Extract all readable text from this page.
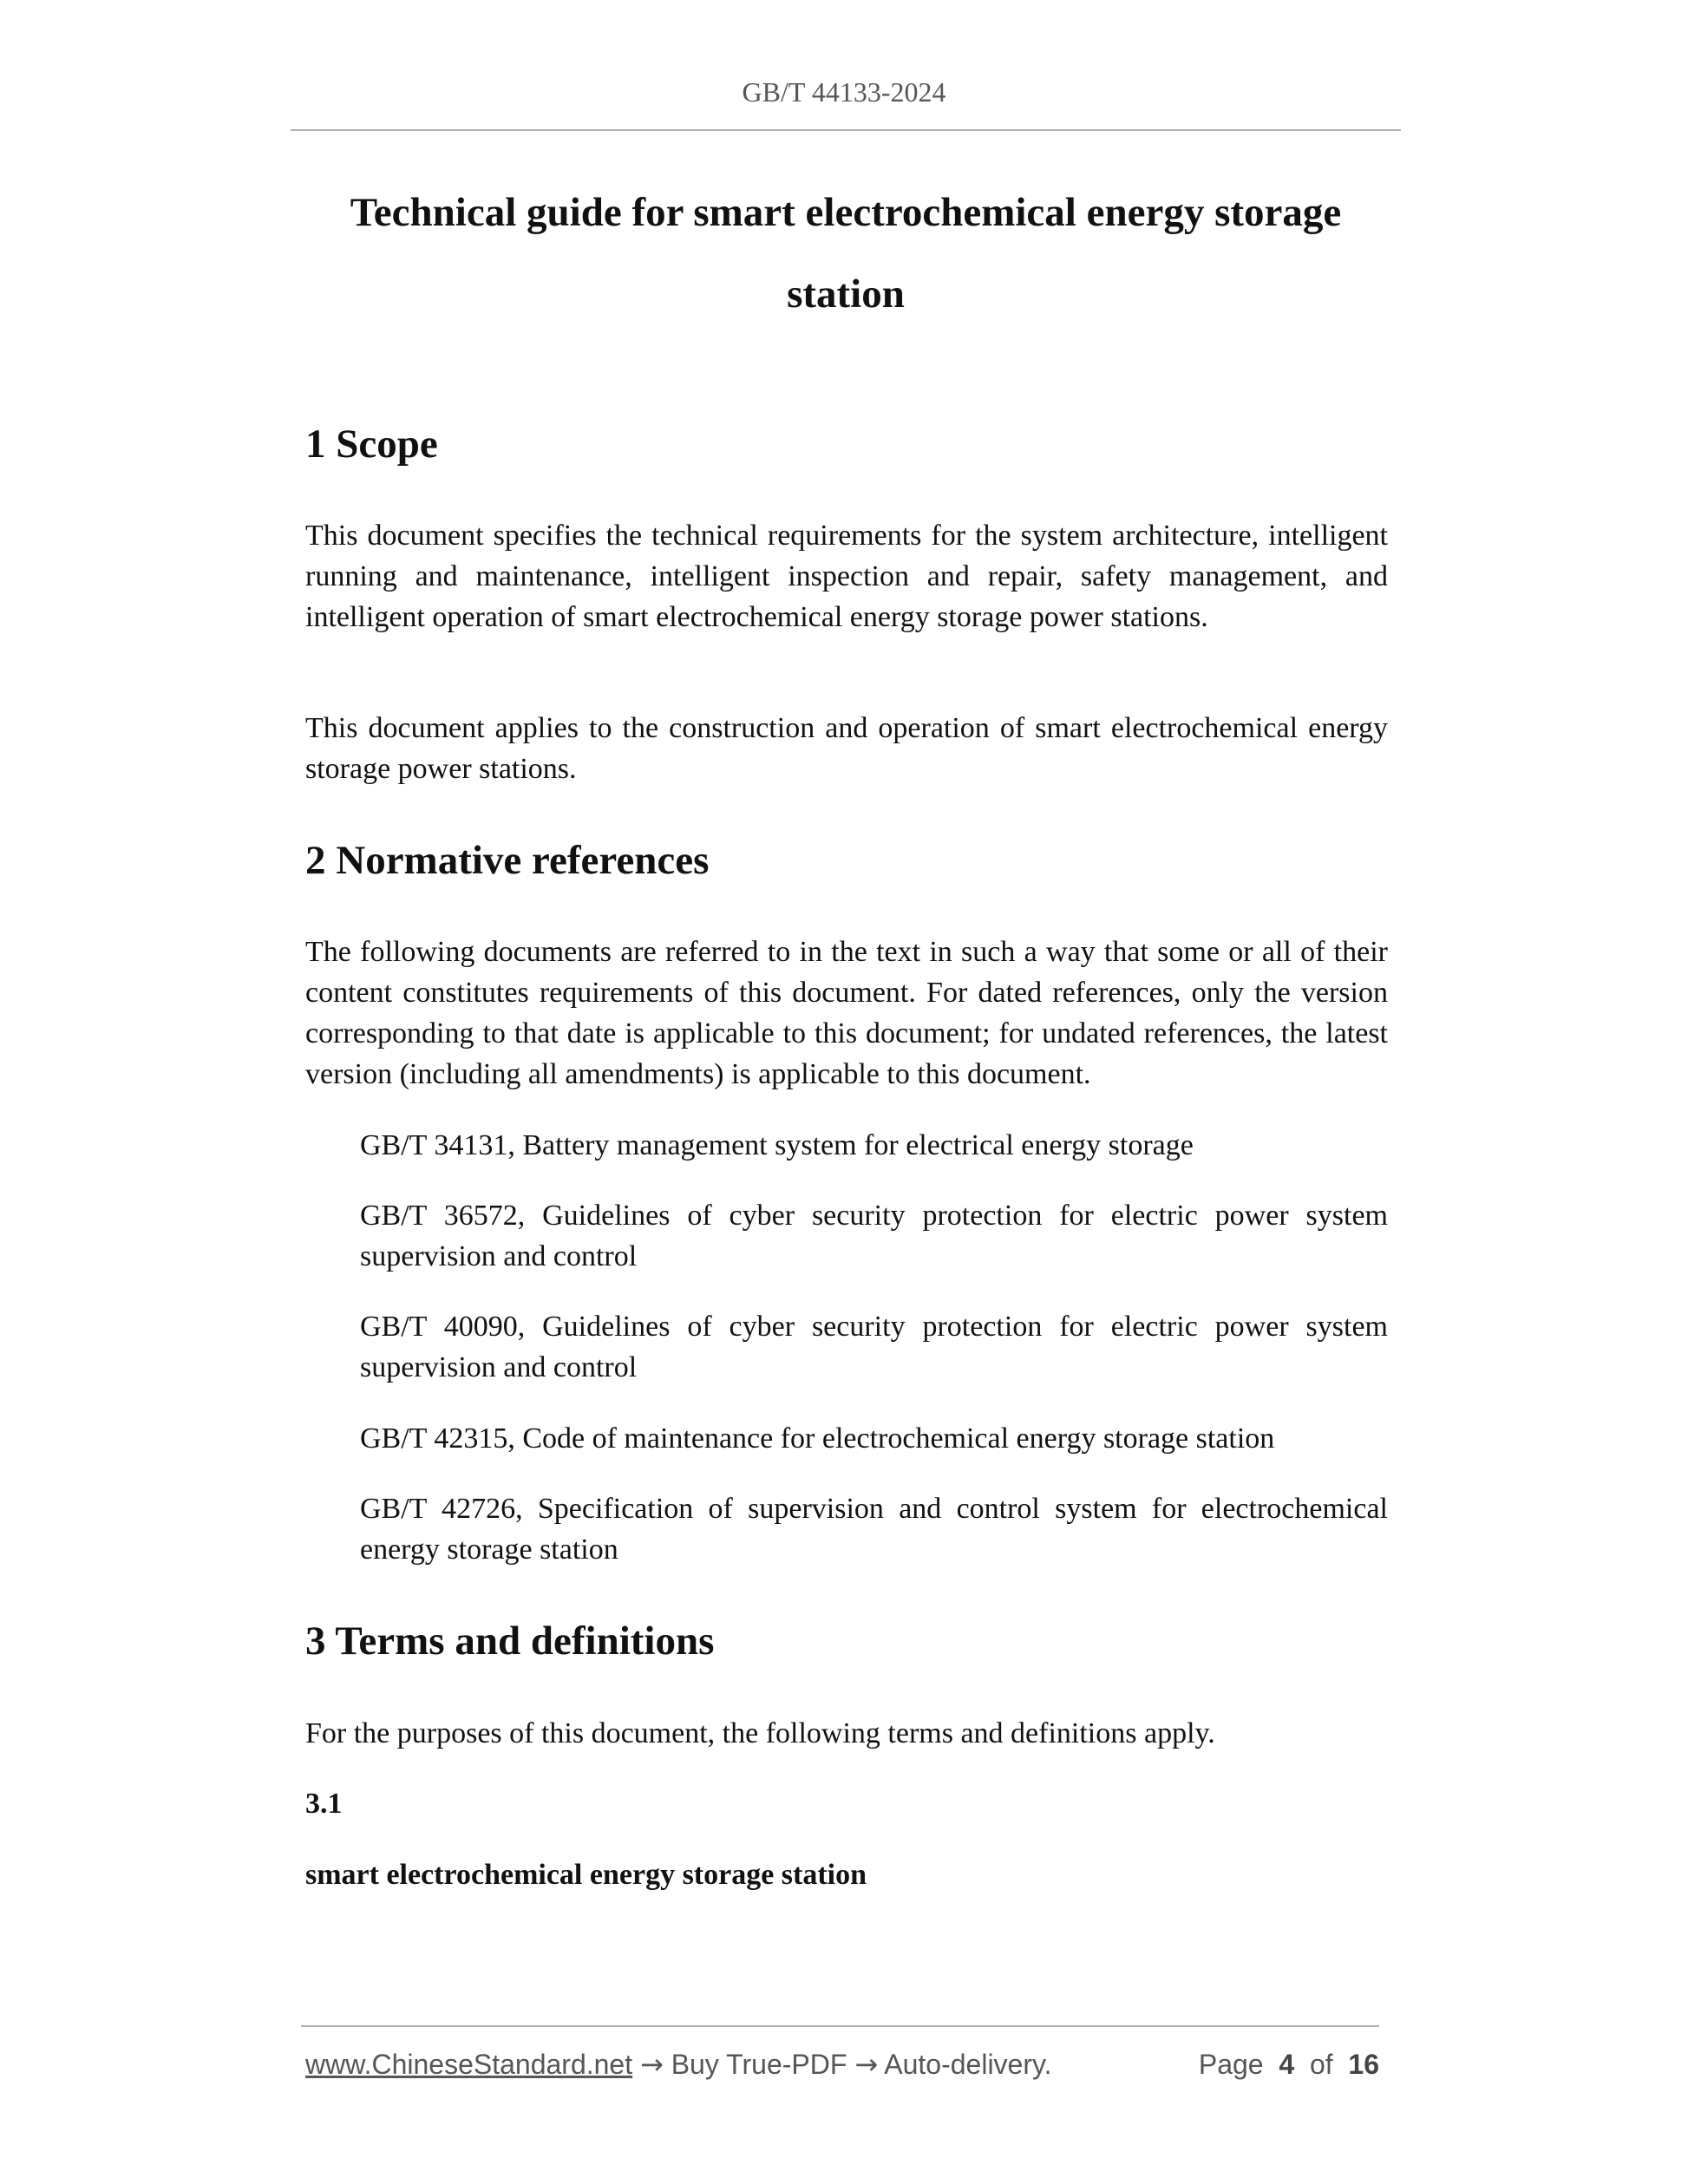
GB/T 44133-2024
Technical guide for smart electrochemical energy storage
station
1 Scope

This document specifies the technical requirements for the system architecture, intelligent running and maintenance, intelligent inspection and repair, safety management, and intelligent operation of smart electrochemical energy storage power stations.

This document applies to the construction and operation of smart electrochemical energy storage power stations.

2 Normative references

The following documents are referred to in the text in such a way that some or all of their content constitutes requirements of this document. For dated references, only the version corresponding to that date is applicable to this document; for undated references, the latest version (including all amendments) is applicable to this document.

GB/T 34131, Battery management system for electrical energy storage

GB/T 36572, Guidelines of cyber security protection for electric power system supervision and control

GB/T 40090, Guidelines of cyber security protection for electric power system supervision and control

GB/T 42315, Code of maintenance for electrochemical energy storage station

GB/T 42726, Specification of supervision and control system for electrochemical energy storage station

3 Terms and definitions

For the purposes of this document, the following terms and definitions apply.

3.1
smart electrochemical energy storage station
www.ChineseStandard.net → Buy True-PDF → Auto-delivery.	Page 4 of 16
